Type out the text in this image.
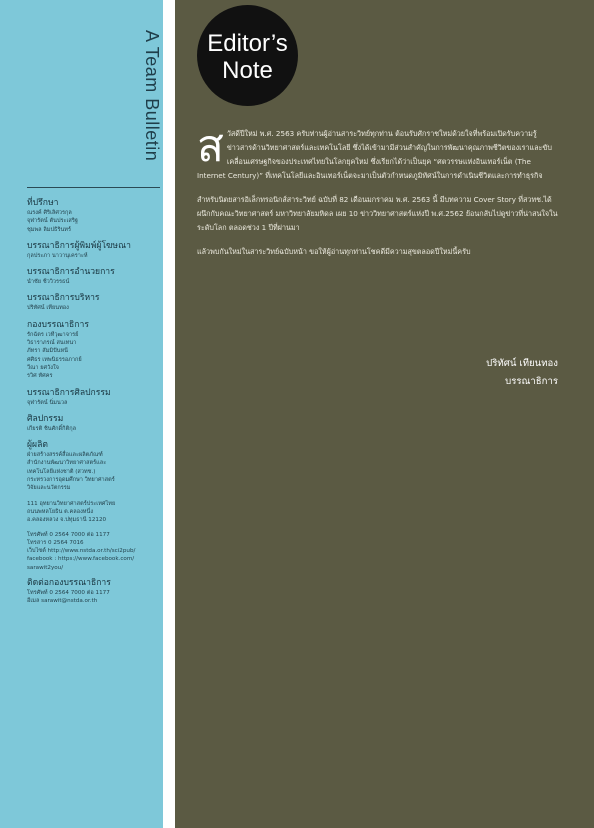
A Team Bulletin
ที่ปรึกษา
ณรงค์ ศิริเลิศวรกุล
จุฬารัตน์ ตันประเสริฐ
ชุมพล ลิมปธิรินทร์
บรรณาธิการผู้พิมพ์ผู้โฆษณา
กุลประภา นาวานุเคราะห์
บรรณาธิการอำนวยการ
นำชัย ชีววิวรรธน์
บรรณาธิการบริหาร
ปริทัศน์ เทียนทอง
กองบรรณาธิการ
รักฉัตร เวทีวุฒาจารย์
วิธาราภรณ์ สนเทนา
ภัทรา สัมมิปันหนี
ศศิธร เทพนิธรรอภากย์
วีณา ยศวังใจ
รวิศ ทัศคร
บรรณาธิการศิลปกรรม
จุฬารัตน์ นิ่มนวล
ศิลปกรรม
เกียรติ ชินศักดิ์กิติกุล
ผู้ผลิต
ฝ่ายสร้างสรรค์สื่อและผลิตภัณฑ์
สำนักงานพัฒนาวิทยาศาสตร์และ
เทคโนโลยีแห่งชาติ (สวทช.)
กระทรวงการอุดมศึกษา วิทยาศาสตร์
วิจัยและนวัตกรรม
111 อุทยานวิทยาศาสตร์ประเทศไทย
ถนนพหลโยธิน ต.คลองหนึ่ง
อ.คลองหลวง จ.ปทุมธานี 12120
โทรศัพท์ 0 2564 7000 ต่อ 1177
โทรสาร 0 2564 7016
เว็บไซต์ http://www.nstda.or.th/sci2pub/
facebook : https://www.facebook.com/
sarawit2you/
ติดต่อกองบรรณาธิการ
โทรศัพท์ 0 2564 7000 ต่อ 1177
อีเมล sarawit@nstda.or.th
Editor’s
Note
ส วัสดีปีใหม่ พ.ศ. 2563 ครับท่านผู้อ่านสาระวิทย์ทุกท่าน ต้อนรับศักราชใหม่ด้วยใจที่พร้อมเปิดรับความรู้ ข่าวสารด้านวิทยาศาสตร์และเทคโนโลยี ซึ่งได้เข้ามามีส่วนสำคัญในการพัฒนาคุณภาพชีวิตของเราและขับเคลื่อนเศรษฐกิจของประเทศไทยในโลกยุคใหม่ ซึ่งเรียกได้ว่าเป็นยุค “ศตวรรษแห่งอินเทอร์เน็ต (The Internet Century)” ที่เทคโนโลยีและอินเทอร์เน็ตจะมาเป็นตัวกำหนดภูมิทัศน์ในการดำเนินชีวิตและการทำธุรกิจ
สำหรับนิตยสารอิเล็กทรอนิกส์สาระวิทย์ ฉบับที่ 82 เดือนมกราคม พ.ศ. 2563 นี้ มีบทความ Cover Story ที่สวทช.ได้ผนึกกับคณะวิทยาศาสตร์ มหาวิทยาลัยมหิดล เผย 10 ข่าววิทยาศาสตร์แห่งปี พ.ศ.2562 ย้อนกลับไปดูข่าวที่น่าสนใจในระดับโลก ตลอดช่วง 1 ปีที่ผ่านมา
แล้วพบกันใหม่ในสาระวิทย์ฉบับหน้า ขอให้ผู้อ่านทุกท่านโชคดีมีความสุขตลอดปีใหม่นี้ครับ
ปริทัศน์ เทียนทอง
บรรณาธิการ
